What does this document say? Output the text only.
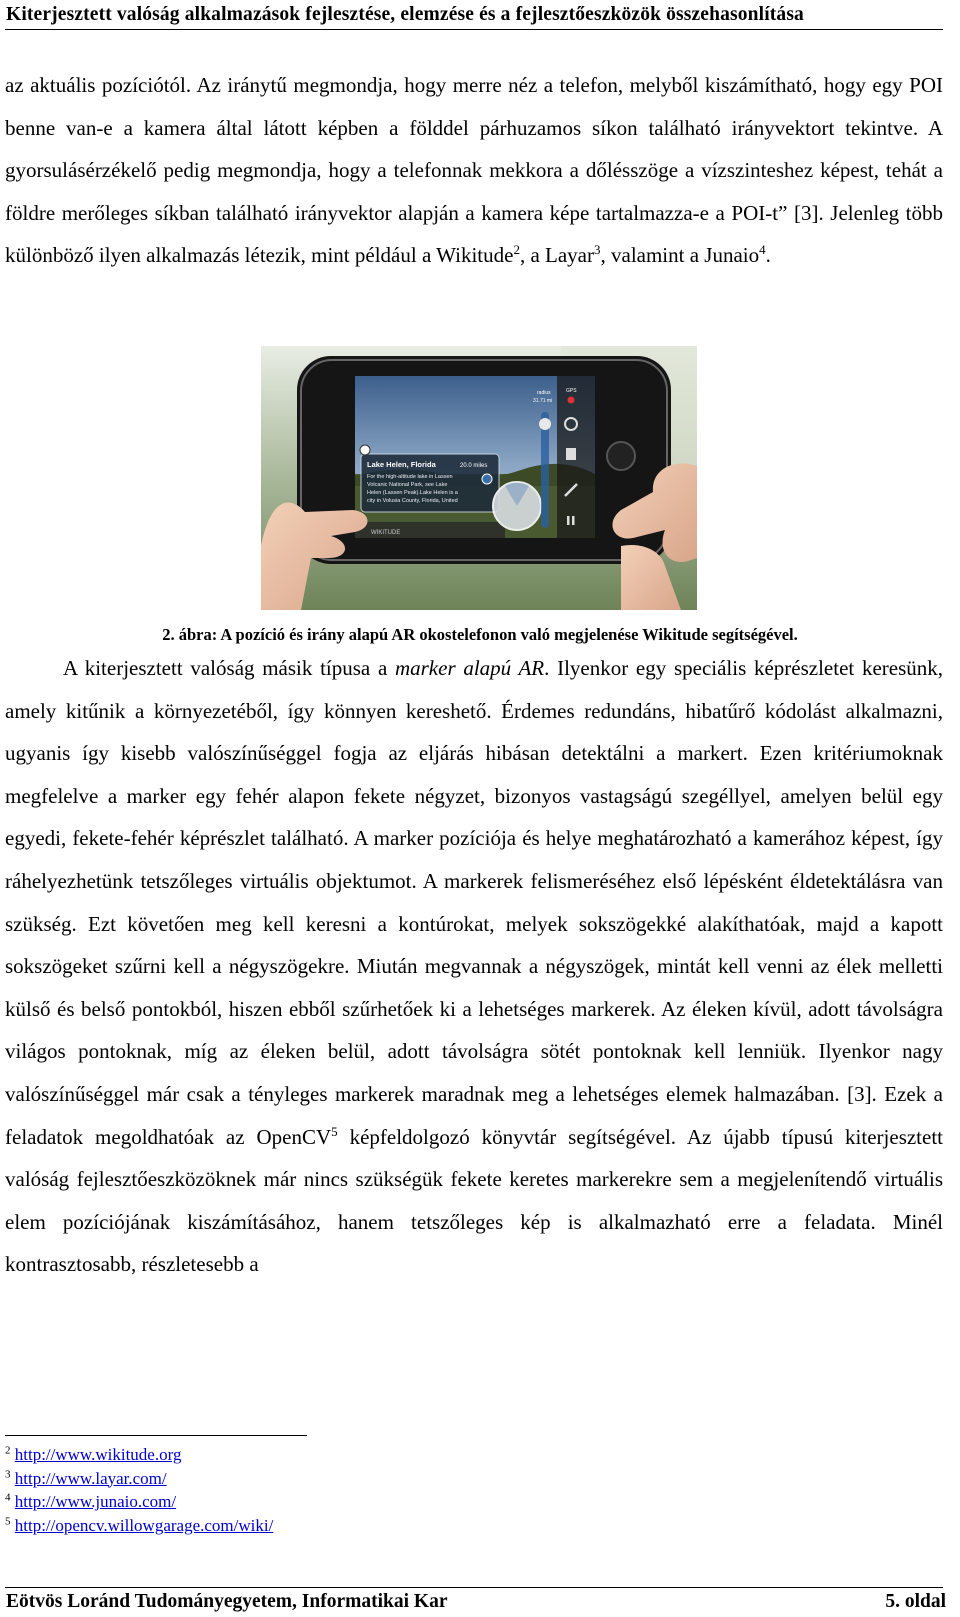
Kiterjesztett valóság alkalmazások fejlesztése, elemzése és a fejlesztőeszközök összehasonlítása
az aktuális pozíciótól. Az iránytű megmondja, hogy merre néz a telefon, melyből kiszámítható, hogy egy POI benne van-e a kamera által látott képben a földdel párhuzamos síkon található irányvektort tekintve. A gyorsulásérzékelő pedig megmondja, hogy a telefonnak mekkora a dőlésszöge a vízszinteshez képest, tehát a földre merőleges síkban található irányvektor alapján a kamera képe tartalmazza-e a POI-t” [3]. Jelenleg több különböző ilyen alkalmazás létezik, mint például a Wikitude$^2$, a Layar$^3$, valamint a Junaio$^4$.
WIKITUDE
Lake Helen, Florida	20.0 miles
For the high-altitude lake in Lassen
Volcanic National Park, see Lake
Helen (Lassen Peak).Lake Helen is a
city in Volusia County, Florida, United
radius
31.71 mi
GPS
2. ábra: A pozíció és irány alapú AR okostelefonon való megjelenése Wikitude segítségével.
A kiterjesztett valóság másik típusa a marker alapú AR. Ilyenkor egy speciális képrészletet keresünk, amely kitűnik a környezetéből, így könnyen kereshető. Érdemes redundáns, hibatűrő kódolást alkalmazni, ugyanis így kisebb valószínűséggel fogja az eljárás hibásan detektálni a markert. Ezen kritériumoknak megfelelve a marker egy fehér alapon fekete négyzet, bizonyos vastagságú szegéllyel, amelyen belül egy egyedi, fekete-fehér képrészlet található. A marker pozíciója és helye meghatározható a kamerához képest, így ráhelyezhetünk tetszőleges virtuális objektumot. A markerek felismeréséhez első lépésként éldetektálásra van szükség. Ezt követően meg kell keresni a kontúrokat, melyek sokszögekké alakíthatóak, majd a kapott sokszögeket szűrni kell a négyszögekre. Miután megvannak a négyszögek, mintát kell venni az élek melletti külső és belső pontokból, hiszen ebből szűrhetőek ki a lehetséges markerek. Az éleken kívül, adott távolságra világos pontoknak, míg az éleken belül, adott távolságra sötét pontoknak kell lenniük. Ilyenkor nagy valószínűséggel már csak a tényleges markerek maradnak meg a lehetséges elemek halmazában. [3]. Ezek a feladatok megoldhatóak az OpenCV$^5$ képfeldolgozó könyvtár segítségével. Az újabb típusú kiterjesztett valóság fejlesztőeszközöknek már nincs szükségük fekete keretes markerekre sem a megjelenítendő virtuális elem pozíciójának kiszámításához, hanem tetszőleges kép is alkalmazható erre a feladata. Minél kontrasztosabb, részletesebb a
$^2$ http://www.wikitude.org
$^3$ http://www.layar.com/
$^4$ http://www.junaio.com/
$^5$ http://opencv.willowgarage.com/wiki/
Eötvös Loránd Tudományegyetem, Informatikai Kar	5. oldal
